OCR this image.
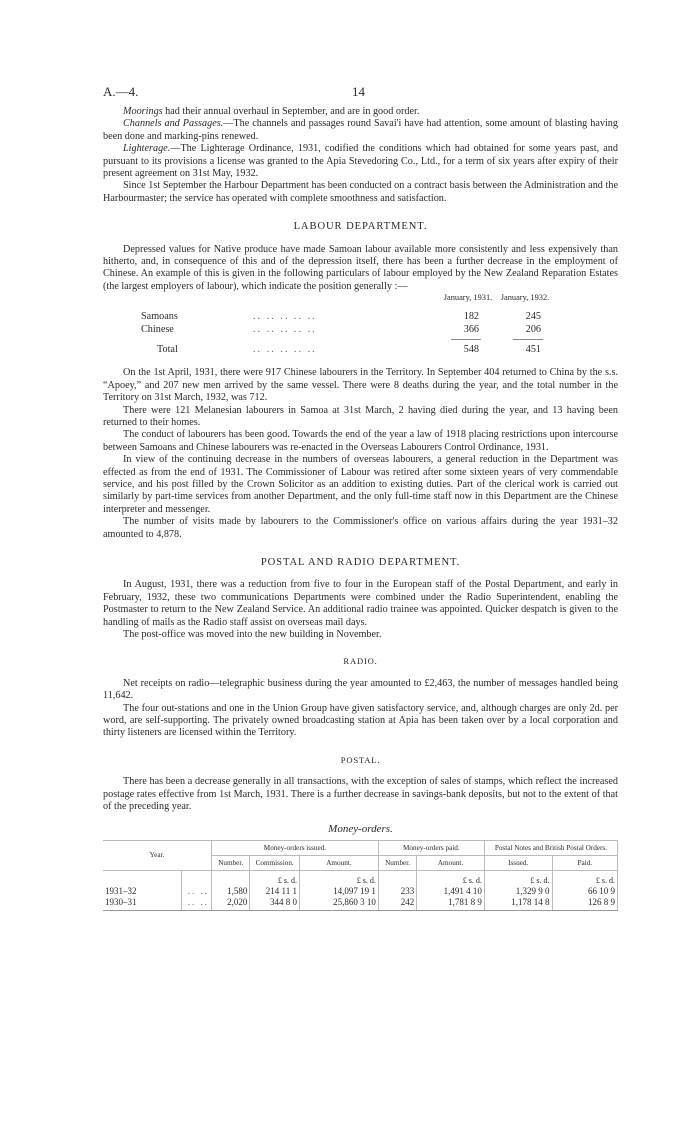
A.—4.	14

Moorings had their annual overhaul in September, and are in good order.

Channels and Passages.—The channels and passages round Savai'i have had attention, some amount of blasting having been done and marking-pins renewed.

Lighterage.—The Lighterage Ordinance, 1931, codified the conditions which had obtained for some years past, and pursuant to its provisions a license was granted to the Apia Stevedoring Co., Ltd., for a term of six years after expiry of their present agreement on 31st May, 1932.

Since 1st September the Harbour Department has been conducted on a contract basis between the Administration and the Harbourmaster; the service has operated with complete smoothness and satisfaction.

LABOUR DEPARTMENT.

Depressed values for Native produce have made Samoan labour available more consistently and less expensively than hitherto, and, in consequence of this and of the depression itself, there has been a further decrease in the employment of Chinese. An example of this is given in the following particulars of labour employed by the New Zealand Reparation Estates (the largest employers of labour), which indicate the position generally :—

January, 1931.	January, 1932.
Samoans	.. .. .. .. ..	182	245
Chinese	.. .. .. .. ..	366	206
Total	.. .. .. .. ..	548	451

On the 1st April, 1931, there were 917 Chinese labourers in the Territory. In September 404 returned to China by the s.s. “Apoey,” and 207 new men arrived by the same vessel. There were 8 deaths during the year, and the total number in the Territory on 31st March, 1932, was 712.

There were 121 Melanesian labourers in Samoa at 31st March, 2 having died during the year, and 13 having been returned to their homes.

The conduct of labourers has been good. Towards the end of the year a law of 1918 placing restrictions upon intercourse between Samoans and Chinese labourers was re-enacted in the Overseas Labourers Control Ordinance, 1931.

In view of the continuing decrease in the numbers of overseas labourers, a general reduction in the Department was effected as from the end of 1931. The Commissioner of Labour was retired after some sixteen years of very commendable service, and his post filled by the Crown Solicitor as an addition to existing duties. Part of the clerical work is carried out similarly by part-time services from another Department, and the only full-time staff now in this Department are the Chinese interpreter and messenger.

The number of visits made by labourers to the Commissioner's office on various affairs during the year 1931–32 amounted to 4,878.

POSTAL AND RADIO DEPARTMENT.

In August, 1931, there was a reduction from five to four in the European staff of the Postal Department, and early in February, 1932, these two communications Departments were combined under the Radio Superintendent, enabling the Postmaster to return to the New Zealand Service. An additional radio trainee was appointed. Quicker despatch is given to the handling of mails as the Radio staff assist on overseas mail days.

The post-office was moved into the new building in November.

RADIO.

Net receipts on radio—telegraphic business during the year amounted to £2,463, the number of messages handled being 11,642.

The four out-stations and one in the Union Group have given satisfactory service, and, although charges are only 2d. per word, are self-supporting. The privately owned broadcasting station at Apia has been taken over by a local corporation and thirty listeners are licensed within the Territory.

POSTAL.

There has been a decrease generally in all transactions, with the exception of sales of stamps, which reflect the increased postage rates effective from 1st March, 1931. There is a further decrease in savings-bank deposits, but not to the extent of that of the preceding year.

Money-orders.
Year.		Money-orders issued.			Money-orders paid.		Postal Notes and British Postal Orders.	
		Number.	Commission.	Amount.	Number.	Amount.	Issued.	Paid.
			£ s. d.	£ s. d.		£ s. d.	£ s. d.	£ s. d.
1931–32	.. ..	1,580	214 11 1	14,097 19 1	233	1,491 4 10	1,329 9 0	66 10 9
1930–31	.. ..	2,020	344 8 0	25,860 3 10	242	1,781 8 9	1,178 14 8	126 8 9
